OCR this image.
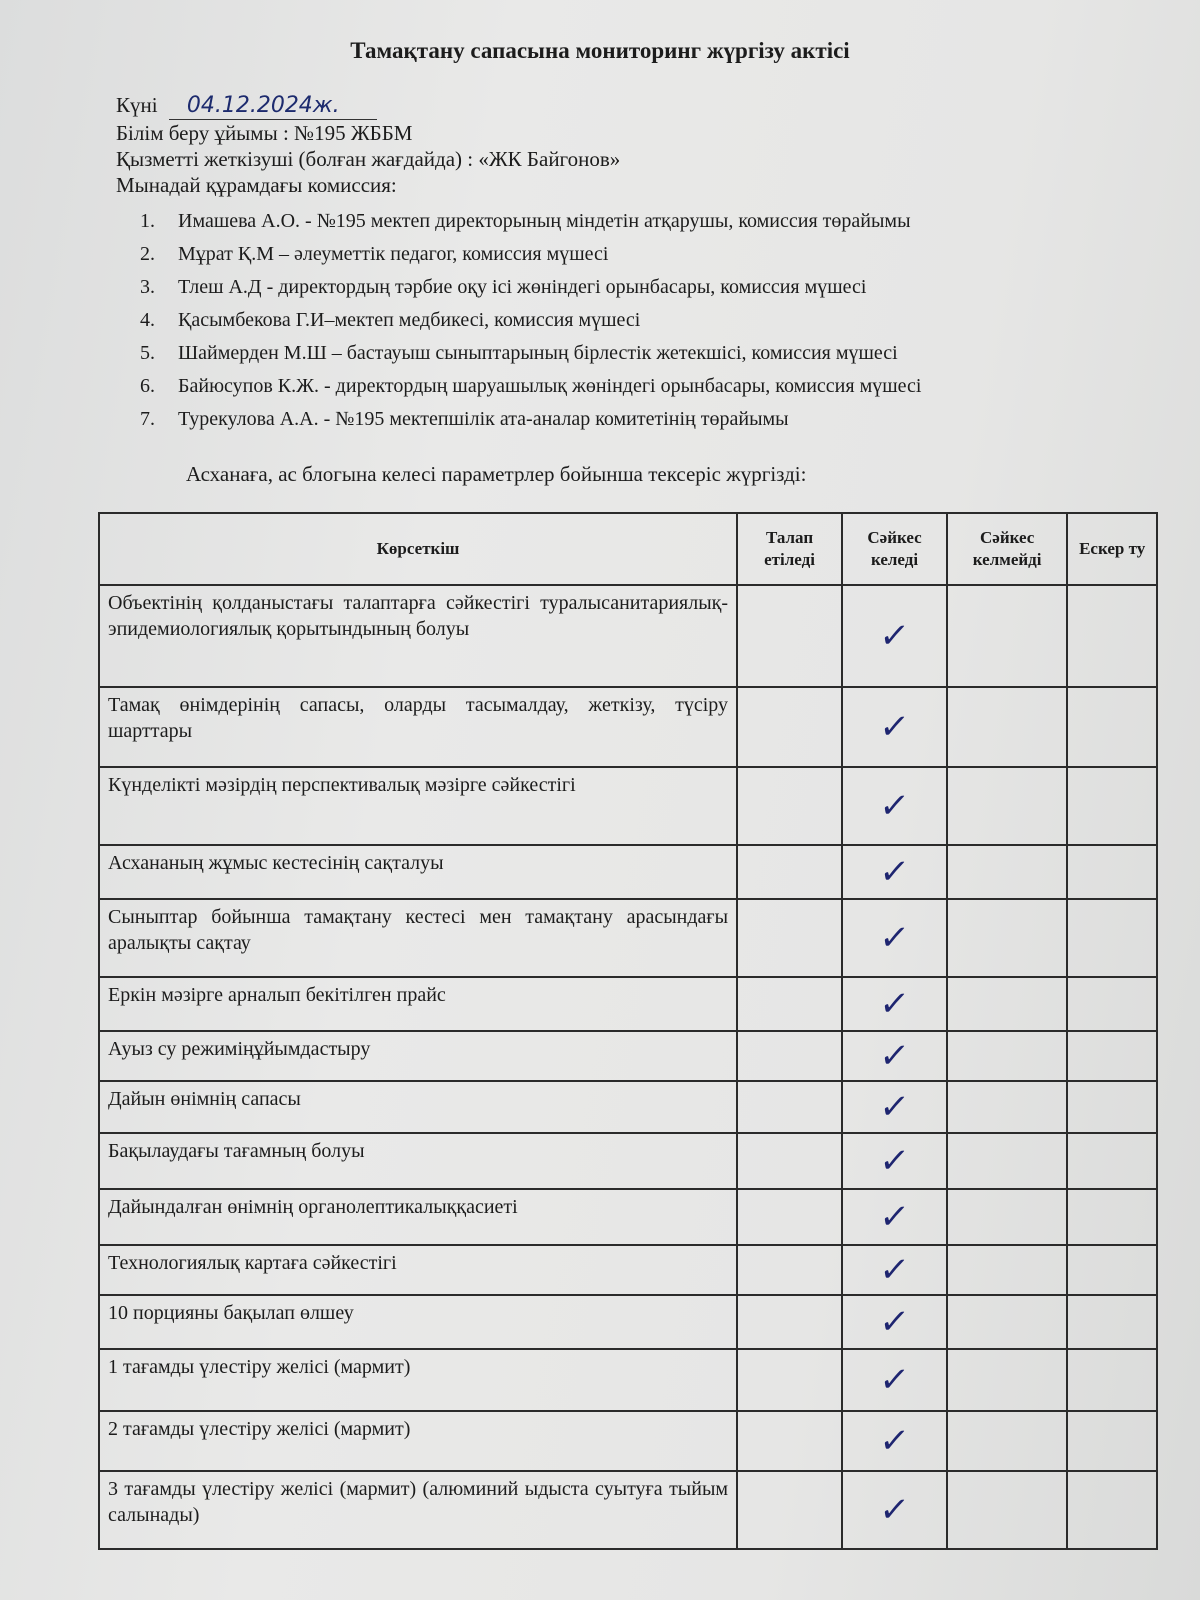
Тамақтану сапасына мониторинг жүргізу актісі
Күні 04.12.2024ж.
Білім беру ұйымы : №195 ЖББМ
Қызметті жеткізуші (болған жағдайда) : «ЖК Байгонов»
Мынадай құрамдағы комиссия:
1. Имашева А.О. - №195 мектеп директорының міндетін атқарушы, комиссия төрайымы
2. Мұрат Қ.М – әлеуметтік педагог, комиссия мүшесі
3. Тлеш А.Д - директордың тәрбие оқу ісі жөніндегі орынбасары, комиссия мүшесі
4. Қасымбекова Г.И–мектеп медбикесі, комиссия мүшесі
5. Шаймерден М.Ш – бастауыш сыныптарының бірлестік жетекшісі, комиссия мүшесі
6. Байюсупов К.Ж. - директордың шаруашылық жөніндегі орынбасары, комиссия мүшесі
7. Турекулова А.А. - №195 мектепшілік ата-аналар комитетінің төрайымы
Асханаға, ас блогына келесі параметрлер бойынша тексеріс жүргізді:
Көрсеткіш	Талап етіледі	Сәйкес келеді	Сәйкес келмейді	Ескер ту
Объектінің қолданыстағы талаптарға сәйкестігі туралысанитариялық-эпидемиологиялық қорытындының болуы		✓		
Тамақ өнімдерінің сапасы, оларды тасымалдау, жеткізу, түсіру шарттары		✓		
Күнделікті мәзірдің перспективалық мәзірге сәйкестігі		✓		
Асхананың жұмыс кестесінің сақталуы		✓		
Сыныптар бойынша тамақтану кестесі мен тамақтану арасындағы аралықты сақтау		✓		
Еркін мәзірге арналып бекітілген прайс		✓		
Ауыз су режиміңұйымдастыру		✓		
Дайын өнімнің сапасы		✓		
Бақылаудағы тағамның болуы		✓		
Дайындалған өнімнің органолептикалыққасиеті		✓		
Технологиялық картаға сәйкестігі		✓		
10 порцияны бақылап өлшеу		✓		
1 тағамды үлестіру желісі (мармит)		✓		
2 тағамды үлестіру желісі (мармит)		✓		
3 тағамды үлестіру желісі (мармит) (алюминий ыдыста суытуға тыйым салынады)		✓		
